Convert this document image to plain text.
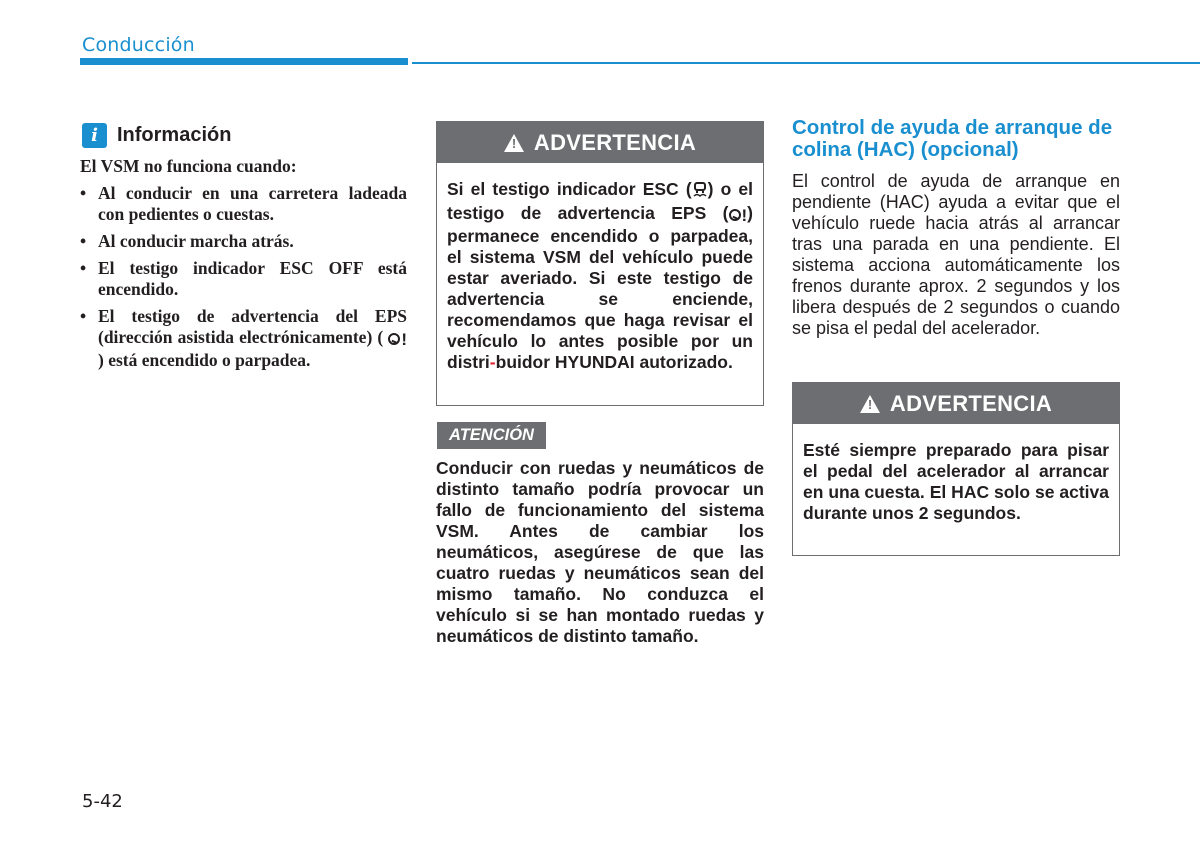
Conducción
i Información

El VSM no funciona cuando:

• Al conducir en una carretera ladeada con pedientes o cuestas.
• Al conducir marcha atrás.
• El testigo indicador ESC OFF está encendido.
• El testigo de advertencia del EPS (dirección asistida electrónicamente) ( !
) está encendido o parpadea.
! ADVERTENCIA
Si el testigo indicador ESC ( ) o el testigo de advertencia EPS ( ! ) permanece encendido o parpadea, el sistema VSM del vehículo puede estar averiado. Si este testigo de advertencia se enciende, recomendamos que haga revisar el vehículo lo antes posible por un distri-buidor HYUNDAI autorizado.
ATENCIÓN
Conducir con ruedas y neumáticos de distinto tamaño podría provocar un fallo de funcionamiento del sistema VSM. Antes de cambiar los neumáticos, asegúrese de que las cuatro ruedas y neumáticos sean del mismo tamaño. No conduzca el vehículo si se han montado ruedas y neumáticos de distinto tamaño.
Control de ayuda de arranque de colina (HAC) (opcional)
El control de ayuda de arranque en pendiente (HAC) ayuda a evitar que el vehículo ruede hacia atrás al arrancar tras una parada en una pendiente. El sistema acciona automáticamente los frenos durante aprox. 2 segundos y los libera después de 2 segundos o cuando se pisa el pedal del acelerador.
! ADVERTENCIA
Esté siempre preparado para pisar el pedal del acelerador al arrancar en una cuesta. El HAC solo se activa durante unos 2 segundos.
5-42
